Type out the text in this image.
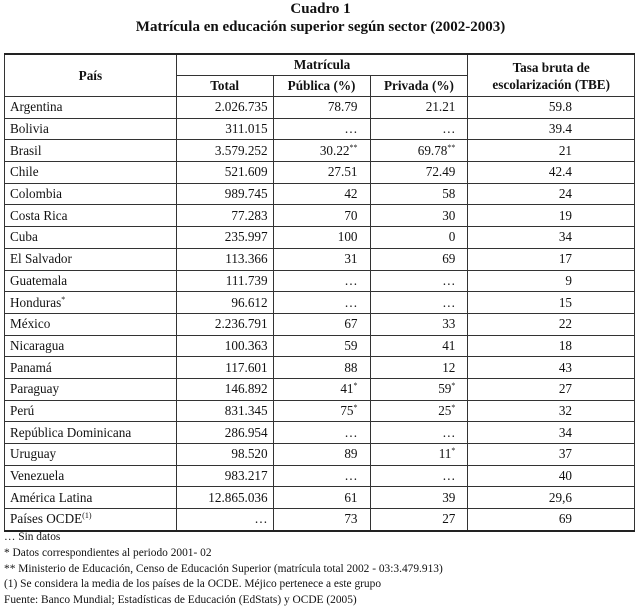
Cuadro 1
Matrícula en educación superior según sector (2002-2003)
País	Matrícula			Tasa bruta de escolarización (TBE)
	Total	Pública (%)	Privada (%)	
Argentina	2.026.735	78.79	21.21	59.8
Bolivia	311.015	…	…	39.4
Brasil	3.579.252	30.22**	69.78**	21
Chile	521.609	27.51	72.49	42.4
Colombia	989.745	42	58	24
Costa Rica	77.283	70	30	19
Cuba	235.997	100	0	34
El Salvador	113.366	31	69	17
Guatemala	111.739	…	…	9
Honduras*	96.612	…	…	15
México	2.236.791	67	33	22
Nicaragua	100.363	59	41	18
Panamá	117.601	88	12	43
Paraguay	146.892	41*	59*	27
Perú	831.345	75*	25*	32
República Dominicana	286.954	…	…	34
Uruguay	98.520	89	11*	37
Venezuela	983.217	…	…	40
América Latina	12.865.036	61	39	29,6
Países OCDE$^{(1)}$	…	73	27	69
… Sin datos
* Datos correspondientes al periodo 2001- 02
** Ministerio de Educación, Censo de Educación Superior (matrícula total 2002 - 03:3.479.913)
(1) Se considera la media de los países de la OCDE. Méjico pertenece a este grupo
Fuente: Banco Mundial; Estadísticas de Educación (EdStats) y OCDE (2005)
